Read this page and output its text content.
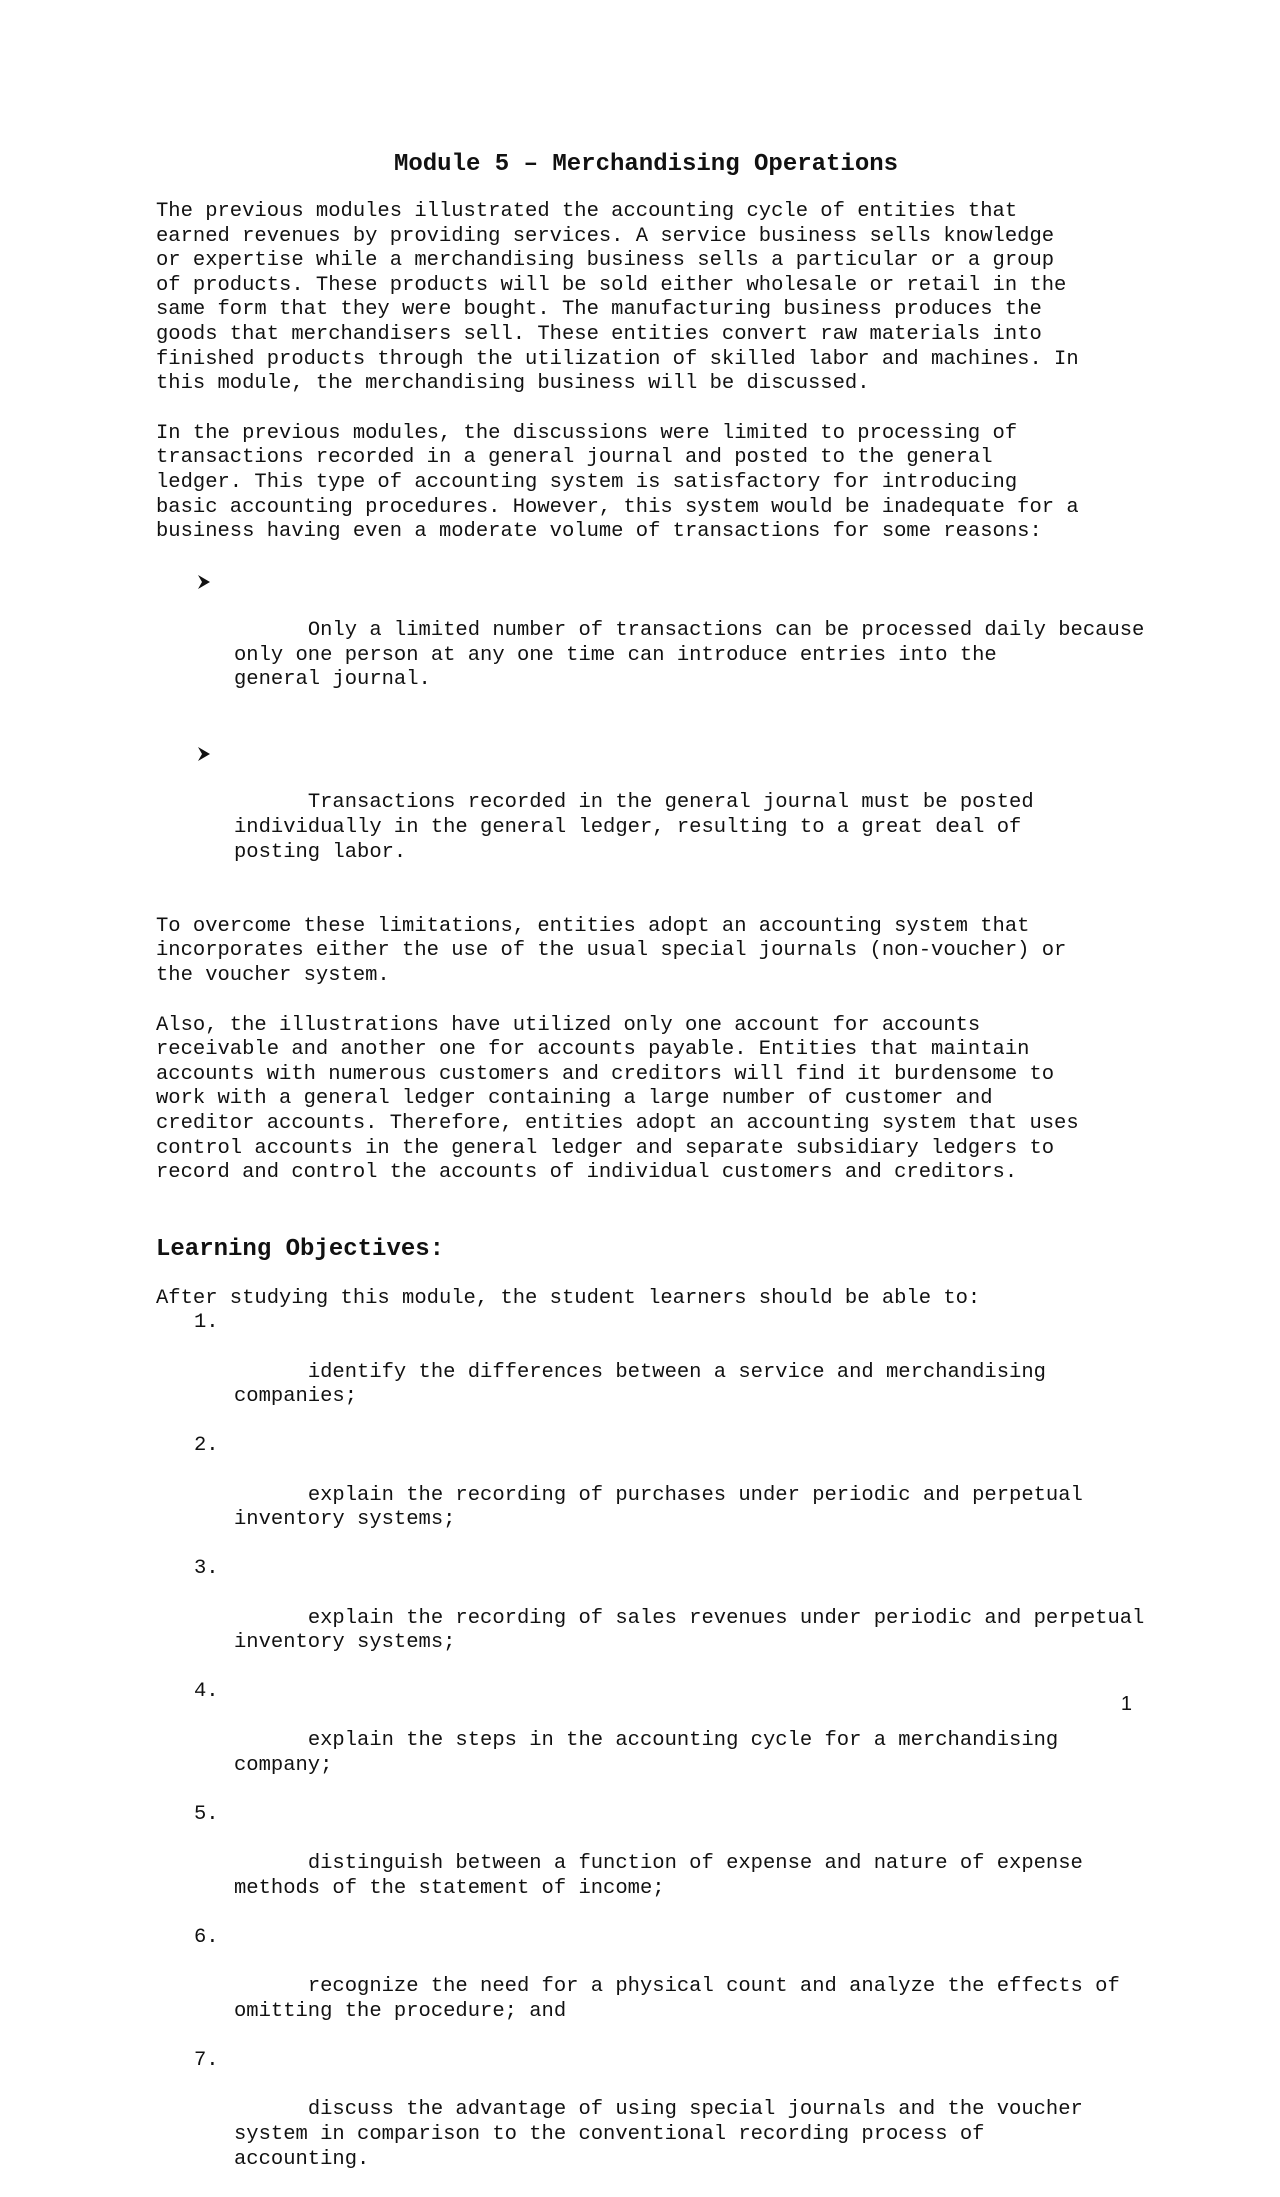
Module 5 – Merchandising Operations

The previous modules illustrated the accounting cycle of entities that
earned revenues by providing services. A service business sells knowledge
or expertise while a merchandising business sells a particular or a group
of products. These products will be sold either wholesale or retail in the
same form that they were bought. The manufacturing business produces the
goods that merchandisers sell. These entities convert raw materials into
finished products through the utilization of skilled labor and machines. In
this module, the merchandising business will be discussed.

In the previous modules, the discussions were limited to processing of
transactions recorded in a general journal and posted to the general
ledger. This type of accounting system is satisfactory for introducing
basic accounting procedures. However, this system would be inadequate for a
business having even a moderate volume of transactions for some reasons:

Only a limited number of transactions can be processed daily because
only one person at any one time can introduce entries into the
general journal.

Transactions recorded in the general journal must be posted
individually in the general ledger, resulting to a great deal of
posting labor.

To overcome these limitations, entities adopt an accounting system that
incorporates either the use of the usual special journals (non-voucher) or
the voucher system.

Also, the illustrations have utilized only one account for accounts
receivable and another one for accounts payable. Entities that maintain
accounts with numerous customers and creditors will find it burdensome to
work with a general ledger containing a large number of customer and
creditor accounts. Therefore, entities adopt an accounting system that uses
control accounts in the general ledger and separate subsidiary ledgers to
record and control the accounts of individual customers and creditors.

Learning Objectives:
After studying this module, the student learners should be able to:

1.

identify the differences between a service and merchandising
companies;

2.

explain the recording of purchases under periodic and perpetual
inventory systems;

3.

explain the recording of sales revenues under periodic and perpetual
inventory systems;

4.

explain the steps in the accounting cycle for a merchandising
company;

5.

distinguish between a function of expense and nature of expense
methods of the statement of income;

6.

recognize the need for a physical count and analyze the effects of
omitting the procedure; and

7.

discuss the advantage of using special journals and the voucher
system in comparison to the conventional recording process of
accounting.

1
